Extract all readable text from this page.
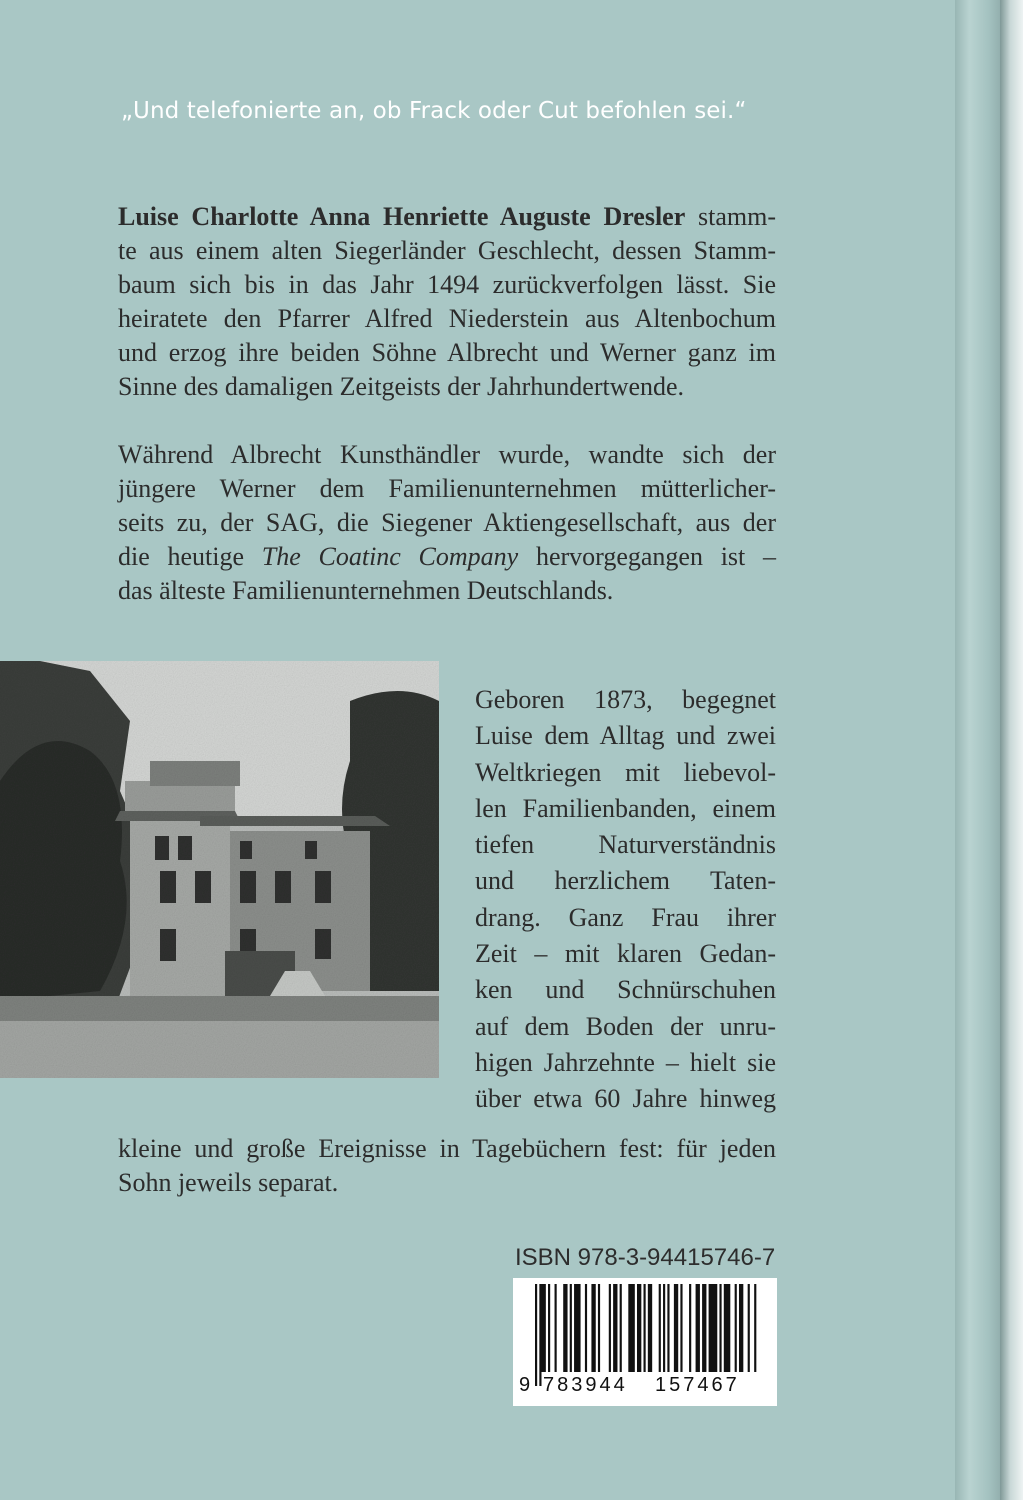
„Und telefonierte an, ob Frack oder Cut befohlen sei.“
Luise Charlotte Anna Henriette Auguste Dresler stamm-
te aus einem alten Siegerländer Geschlecht, dessen Stamm-
baum sich bis in das Jahr 1494 zurückverfolgen lässt. Sie
heiratete den Pfarrer Alfred Niederstein aus Altenbochum
und erzog ihre beiden Söhne Albrecht und Werner ganz im
Sinne des damaligen Zeitgeists der Jahrhundertwende.
Während Albrecht Kunsthändler wurde, wandte sich der
jüngere Werner dem Familienunternehmen mütterlicher-
seits zu, der SAG, die Siegener Aktiengesellschaft, aus der
die heutige The Coatinc Company hervorgegangen ist –
das älteste Familienunternehmen Deutschlands.
Geboren 1873, begegnet
Luise dem Alltag und zwei
Weltkriegen mit liebevol-
len Familienbanden, einem
tiefen Naturverständnis
und herzlichem Taten-
drang. Ganz Frau ihrer
Zeit – mit klaren Gedan-
ken und Schnürschuhen
auf dem Boden der unru-
higen Jahrzehnte – hielt sie
über etwa 60 Jahre hinweg
kleine und große Ereignisse in Tagebüchern fest: für jeden
Sohn jeweils separat.
ISBN 978-3-94415746-7
9 783944 157467
